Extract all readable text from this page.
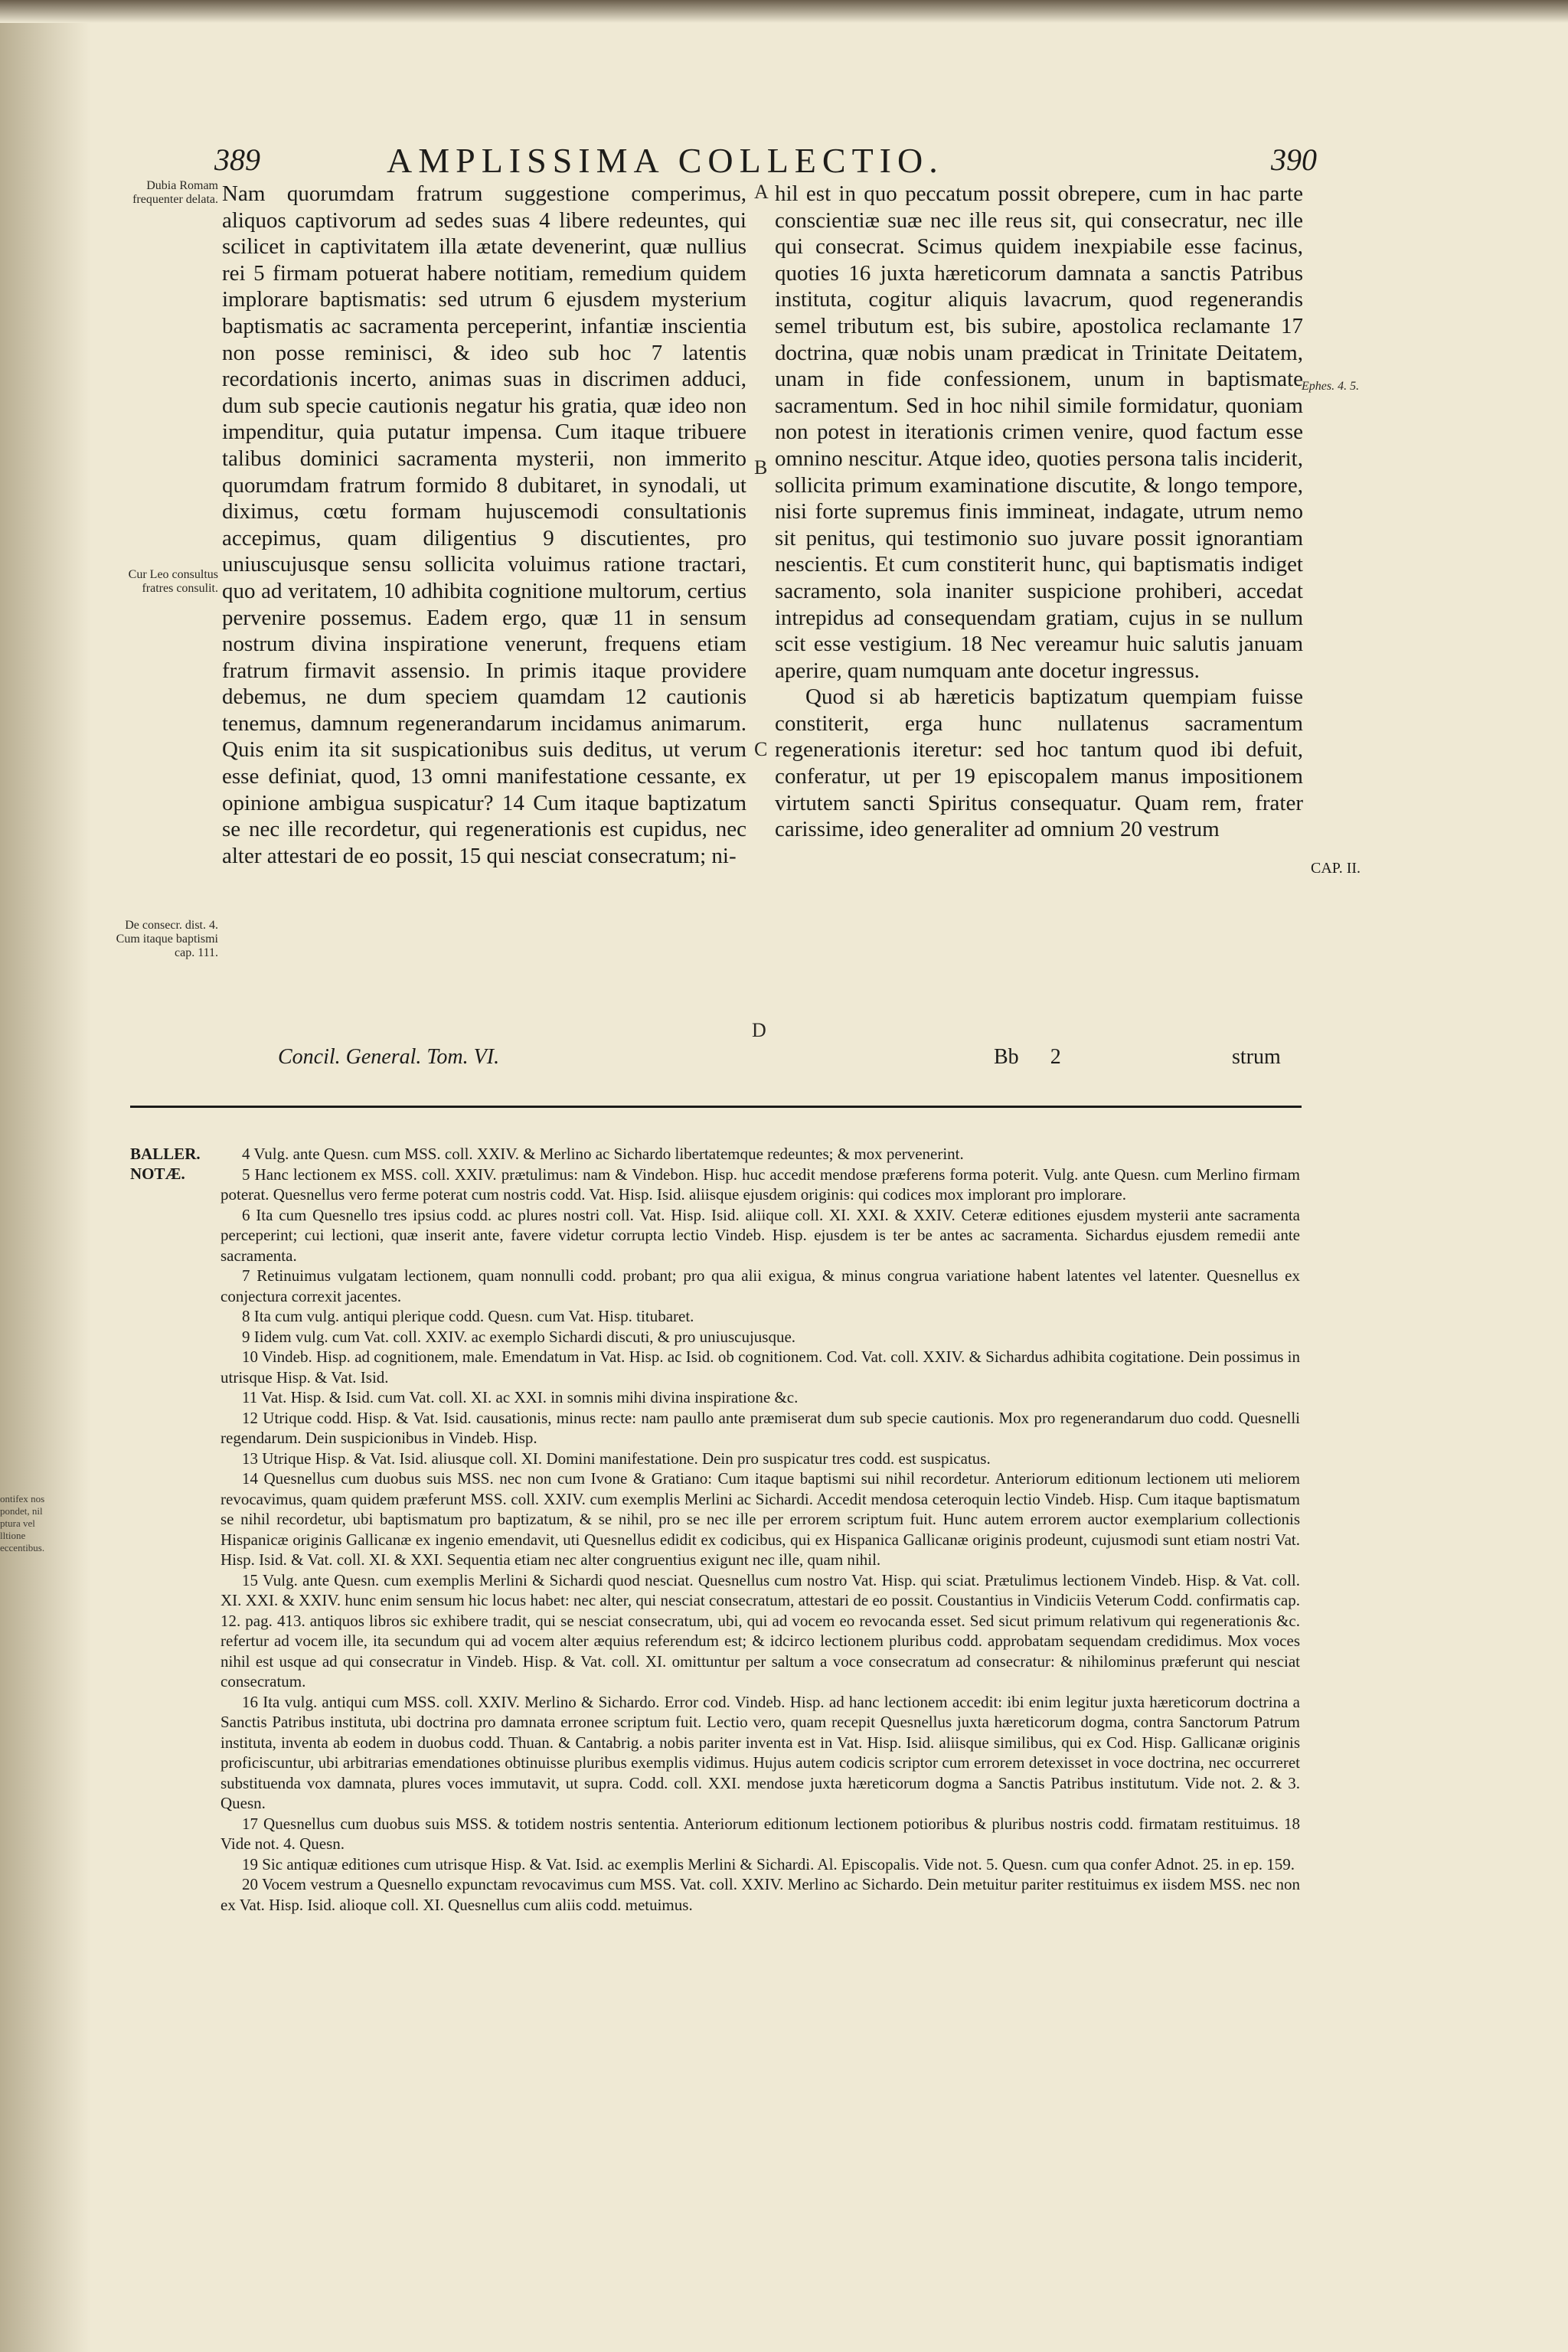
ontifex nos pondet, nil ptura vel lltione eccentibus.
389	AMPLISSIMA COLLECTIO.	390
Dubia Romam frequenter delata.
Cur Leo consultus fratres consulit.
De consecr. dist. 4. Cum itaque baptismi cap. 111.

Nam quorumdam fratrum suggestione comperimus, aliquos captivorum ad sedes suas 4 libere redeuntes, qui scilicet in captivitatem illa ætate devenerint, quæ nullius rei 5 firmam potuerat habere notitiam, remedium quidem implorare baptismatis: sed utrum 6 ejusdem mysterium baptismatis ac sacramenta perceperint, infantiæ inscientia non posse reminisci, & ideo sub hoc 7 latentis recordationis incerto, animas suas in discrimen adduci, dum sub specie cautionis negatur his gratia, quæ ideo non impenditur, quia putatur impensa. Cum itaque tribuere talibus dominici sacramenta mysterii, non immerito quorumdam fratrum formido 8 dubitaret, in synodali, ut diximus, cœtu formam hujuscemodi consultationis accepimus, quam diligentius 9 discutientes, pro uniuscujusque sensu sollicita voluimus ratione tractari, quo ad veritatem, 10 adhibita cognitione multorum, certius pervenire possemus. Eadem ergo, quæ 11 in sensum nostrum divina inspiratione venerunt, frequens etiam fratrum firmavit assensio. In primis itaque providere debemus, ne dum speciem quamdam 12 cautionis tenemus, damnum regenerandarum incidamus animarum. Quis enim ita sit suspicationibus suis deditus, ut verum esse definiat, quod, 13 omni manifestatione cessante, ex opinione ambigua suspicatur? 14 Cum itaque baptizatum se nec ille recordetur, qui regenerationis est cupidus, nec alter attestari de eo possit, 15 qui nesciat consecratum; ni-

A
B
C
D

hil est in quo peccatum possit obrepere, cum in hac parte conscientiæ suæ nec ille reus sit, qui consecratur, nec ille qui consecrat. Scimus quidem inexpiabile esse facinus, quoties 16 juxta hæreticorum damnata a sanctis Patribus instituta, cogitur aliquis lavacrum, quod regenerandis semel tributum est, bis subire, apostolica reclamante 17 doctrina, quæ nobis unam prædicat in Trinitate Deitatem, unam in fide confessionem, unum in baptismate sacramentum. Sed in hoc nihil simile formidatur, quoniam non potest in iterationis crimen venire, quod factum esse omnino nescitur. Atque ideo, quoties persona talis inciderit, sollicita primum examinatione discutite, & longo tempore, nisi forte supremus finis immineat, indagate, utrum nemo sit penitus, qui testimonio suo juvare possit ignorantiam nescientis. Et cum constiterit hunc, qui baptismatis indiget sacramento, sola inaniter suspicione prohiberi, accedat intrepidus ad consequendam gratiam, cujus in se nullum scit esse vestigium. 18 Nec vereamur huic salutis januam aperire, quam numquam ante docetur ingressus.

Quod si ab hæreticis baptizatum quempiam fuisse constiterit, erga hunc nullatenus sacramentum regenerationis iteretur: sed hoc tantum quod ibi defuit, conferatur, ut per 19 episcopalem manus impositionem virtutem sancti Spiritus consequatur. Quam rem, frater carissime, ideo generaliter ad omnium 20 vestrum

Ephes. 4. 5.
CAP. II.
Concil. General. Tom. VI.	Bb 2	strum
BALLER. NOTÆ.

4 Vulg. ante Quesn. cum MSS. coll. XXIV. & Merlino ac Sichardo libertatemque redeuntes; & mox pervenerint.

5 Hanc lectionem ex MSS. coll. XXIV. prætulimus: nam & Vindebon. Hisp. huc accedit mendose præferens forma poterit. Vulg. ante Quesn. cum Merlino firmam poterat. Quesnellus vero ferme poterat cum nostris codd. Vat. Hisp. Isid. aliisque ejusdem originis: qui codices mox implorant pro implorare.

6 Ita cum Quesnello tres ipsius codd. ac plures nostri coll. Vat. Hisp. Isid. aliique coll. XI. XXI. & XXIV. Ceteræ editiones ejusdem mysterii ante sacramenta perceperint; cui lectioni, quæ inserit ante, favere videtur corrupta lectio Vindeb. Hisp. ejusdem is ter be antes ac sacramenta. Sichardus ejusdem remedii ante sacramenta.

7 Retinuimus vulgatam lectionem, quam nonnulli codd. probant; pro qua alii exigua, & minus congrua variatione habent latentes vel latenter. Quesnellus ex conjectura correxit jacentes.

8 Ita cum vulg. antiqui plerique codd. Quesn. cum Vat. Hisp. titubaret.

9 Iidem vulg. cum Vat. coll. XXIV. ac exemplo Sichardi discuti, & pro uniuscujusque.

10 Vindeb. Hisp. ad cognitionem, male. Emendatum in Vat. Hisp. ac Isid. ob cognitionem. Cod. Vat. coll. XXIV. & Sichardus adhibita cogitatione. Dein possimus in utrisque Hisp. & Vat. Isid.

11 Vat. Hisp. & Isid. cum Vat. coll. XI. ac XXI. in somnis mihi divina inspiratione &c.

12 Utrique codd. Hisp. & Vat. Isid. causationis, minus recte: nam paullo ante præmiserat dum sub specie cautionis. Mox pro regenerandarum duo codd. Quesnelli regendarum. Dein suspicionibus in Vindeb. Hisp.

13 Utrique Hisp. & Vat. Isid. aliusque coll. XI. Domini manifestatione. Dein pro suspicatur tres codd. est suspicatus.

14 Quesnellus cum duobus suis MSS. nec non cum Ivone & Gratiano: Cum itaque baptismi sui nihil recordetur. Anteriorum editionum lectionem uti meliorem revocavimus, quam quidem præferunt MSS. coll. XXIV. cum exemplis Merlini ac Sichardi. Accedit mendosa ceteroquin lectio Vindeb. Hisp. Cum itaque baptismatum se nihil recordetur, ubi baptismatum pro baptizatum, & se nihil, pro se nec ille per errorem scriptum fuit. Hunc autem errorem auctor exemplarium collectionis Hispanicæ originis Gallicanæ ex ingenio emendavit, uti Quesnellus edidit ex codicibus, qui ex Hispanica Gallicanæ originis prodeunt, cujusmodi sunt etiam nostri Vat. Hisp. Isid. & Vat. coll. XI. & XXI. Sequentia etiam nec alter congruentius exigunt nec ille, quam nihil.

15 Vulg. ante Quesn. cum exemplis Merlini & Sichardi quod nesciat. Quesnellus cum nostro Vat. Hisp. qui sciat. Prætulimus lectionem Vindeb. Hisp. & Vat. coll. XI. XXI. & XXIV. hunc enim sensum hic locus habet: nec alter, qui nesciat consecratum, attestari de eo possit. Coustantius in Vindiciis Veterum Codd. confirmatis cap. 12. pag. 413. antiquos libros sic exhibere tradit, qui se nesciat consecratum, ubi, qui ad vocem eo revocanda esset. Sed sicut primum relativum qui regenerationis &c. refertur ad vocem ille, ita secundum qui ad vocem alter æquius referendum est; & idcirco lectionem pluribus codd. approbatam sequendam credidimus. Mox voces nihil est usque ad qui consecratur in Vindeb. Hisp. & Vat. coll. XI. omittuntur per saltum a voce consecratum ad consecratur: & nihilominus præferunt qui nesciat consecratum.

16 Ita vulg. antiqui cum MSS. coll. XXIV. Merlino & Sichardo. Error cod. Vindeb. Hisp. ad hanc lectionem accedit: ibi enim legitur juxta hæreticorum doctrina a Sanctis Patribus instituta, ubi doctrina pro damnata erronee scriptum fuit. Lectio vero, quam recepit Quesnellus juxta hæreticorum dogma, contra Sanctorum Patrum instituta, inventa ab eodem in duobus codd. Thuan. & Cantabrig. a nobis pariter inventa est in Vat. Hisp. Isid. aliisque similibus, qui ex Cod. Hisp. Gallicanæ originis proficiscuntur, ubi arbitrarias emendationes obtinuisse pluribus exemplis vidimus. Hujus autem codicis scriptor cum errorem detexisset in voce doctrina, nec occurreret substituenda vox damnata, plures voces immutavit, ut supra. Codd. coll. XXI. mendose juxta hæreticorum dogma a Sanctis Patribus institutum. Vide not. 2. & 3. Quesn.

17 Quesnellus cum duobus suis MSS. & totidem nostris sententia. Anteriorum editionum lectionem potioribus & pluribus nostris codd. firmatam restituimus. 18 Vide not. 4. Quesn.

19 Sic antiquæ editiones cum utrisque Hisp. & Vat. Isid. ac exemplis Merlini & Sichardi. Al. Episcopalis. Vide not. 5. Quesn. cum qua confer Adnot. 25. in ep. 159.

20 Vocem vestrum a Quesnello expunctam revocavimus cum MSS. Vat. coll. XXIV. Merlino ac Sichardo. Dein metuitur pariter restituimus ex iisdem MSS. nec non ex Vat. Hisp. Isid. alioque coll. XI. Quesnellus cum aliis codd. metuimus.
